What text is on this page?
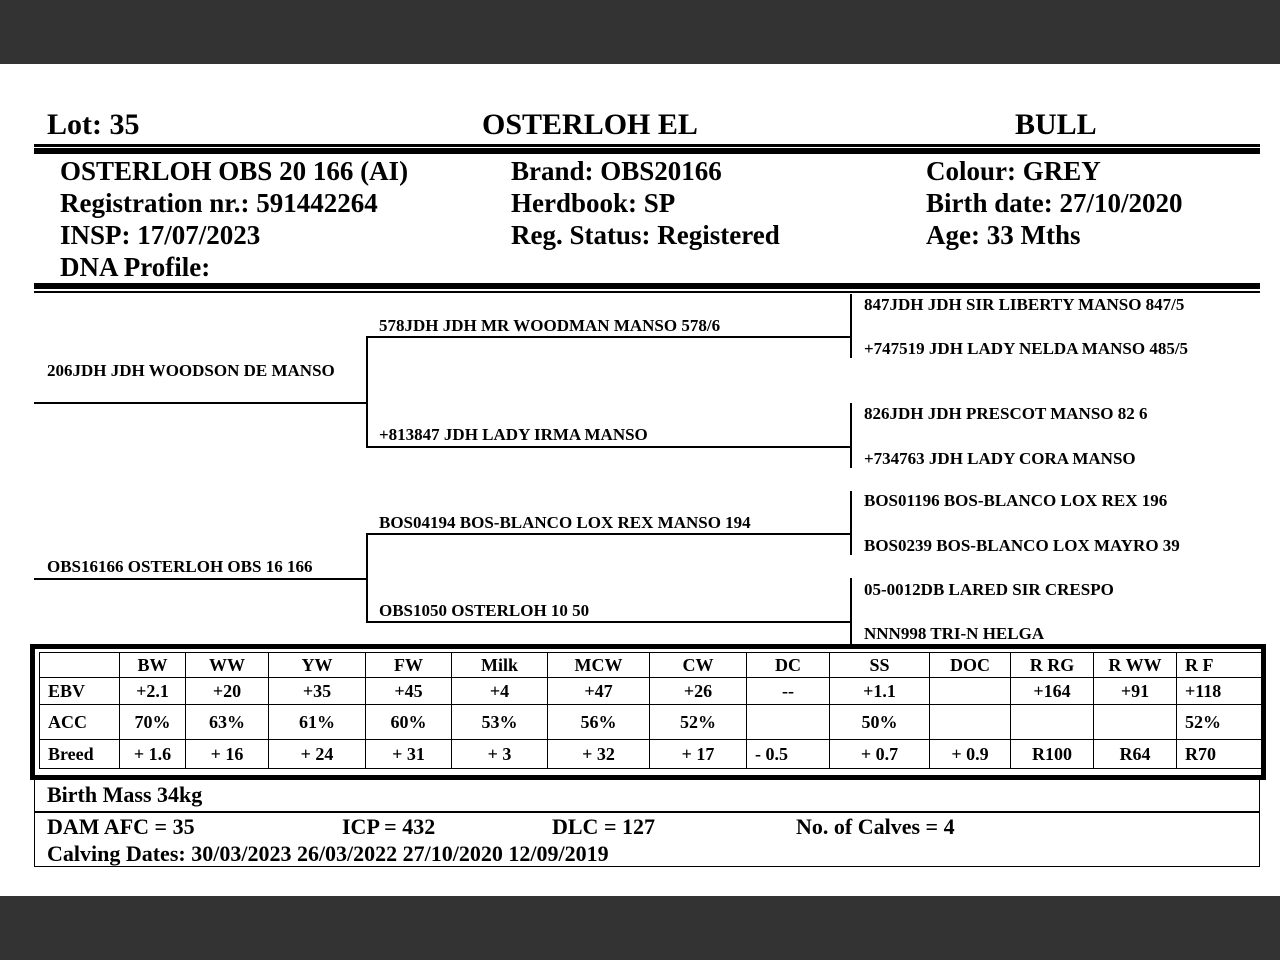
Lot: 35	OSTERLOH EL	BULL
OSTERLOH OBS 20 166 (AI)
Registration nr.: 591442264
INSP: 17/07/2023
DNA Profile:
Brand: OBS20166
Herdbook: SP
Reg. Status: Registered
Colour: GREY
Birth date: 27/10/2020
Age: 33 Mths
206JDH JDH WOODSON DE MANSO
OBS16166 OSTERLOH OBS 16 166
578JDH JDH MR WOODMAN MANSO 578/6
+813847 JDH LADY IRMA MANSO
BOS04194 BOS-BLANCO LOX REX MANSO 194
OBS1050 OSTERLOH 10 50
847JDH JDH SIR LIBERTY MANSO 847/5
+747519 JDH LADY NELDA MANSO 485/5
826JDH JDH PRESCOT MANSO 82 6
+734763 JDH LADY CORA MANSO
BOS01196 BOS-BLANCO LOX REX 196
BOS0239 BOS-BLANCO LOX MAYRO 39
05-0012DB LARED SIR CRESPO
NNN998 TRI-N HELGA
	BW	WW	YW	FW	Milk	MCW	CW	DC	SS	DOC	R RG	R WW	R F
EBV	+2.1	+20	+35	+45	+4	+47	+26	--	+1.1		+164	+91	+118
ACC	70%	63%	61%	60%	53%	56%	52%		50%				52%
Breed	+ 1.6	+ 16	+ 24	+ 31	+ 3	+ 32	+ 17	- 0.5	+ 0.7	+ 0.9	R100	R64	R70
Birth Mass 34kg
DAM AFC = 35	ICP = 432	DLC = 127	No. of Calves = 4
Calving Dates: 30/03/2023 26/03/2022 27/10/2020 12/09/2019
